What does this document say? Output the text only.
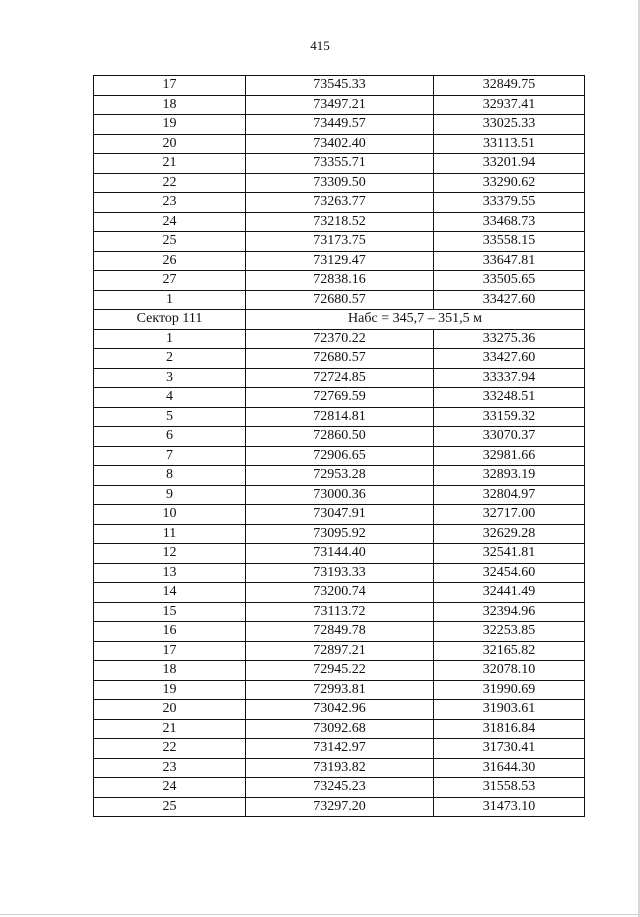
415
17	73545.33	32849.75
18	73497.21	32937.41
19	73449.57	33025.33
20	73402.40	33113.51
21	73355.71	33201.94
22	73309.50	33290.62
23	73263.77	33379.55
24	73218.52	33468.73
25	73173.75	33558.15
26	73129.47	33647.81
27	72838.16	33505.65
1	72680.57	33427.60
Сектор 111	Набс = 345,7 – 351,5 м	
1	72370.22	33275.36
2	72680.57	33427.60
3	72724.85	33337.94
4	72769.59	33248.51
5	72814.81	33159.32
6	72860.50	33070.37
7	72906.65	32981.66
8	72953.28	32893.19
9	73000.36	32804.97
10	73047.91	32717.00
11	73095.92	32629.28
12	73144.40	32541.81
13	73193.33	32454.60
14	73200.74	32441.49
15	73113.72	32394.96
16	72849.78	32253.85
17	72897.21	32165.82
18	72945.22	32078.10
19	72993.81	31990.69
20	73042.96	31903.61
21	73092.68	31816.84
22	73142.97	31730.41
23	73193.82	31644.30
24	73245.23	31558.53
25	73297.20	31473.10
